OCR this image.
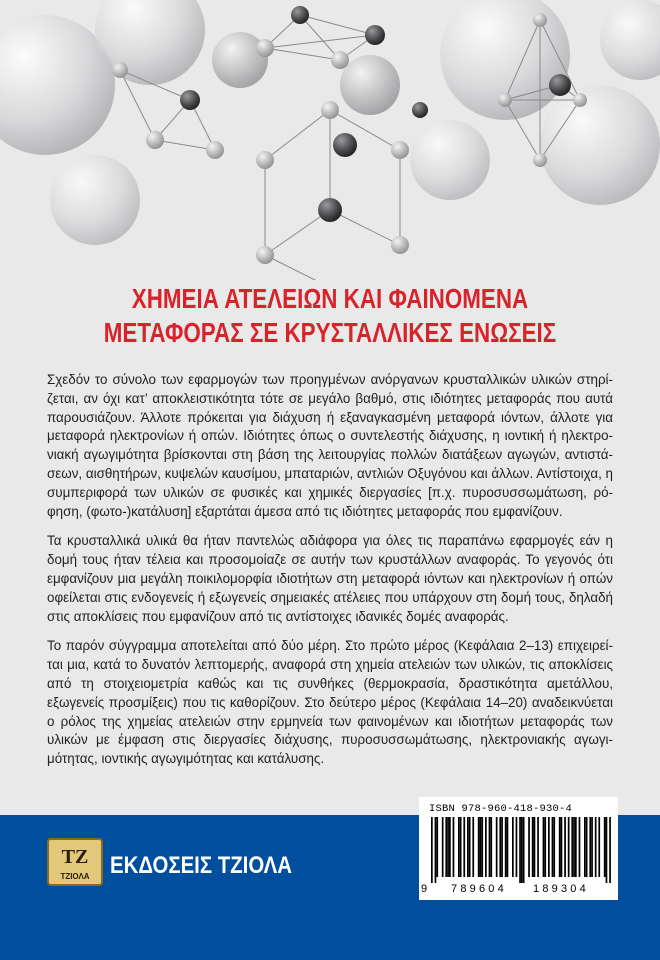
ΧΗΜΕΙΑ ΑΤΕΛΕΙΩΝ ΚΑΙ ΦΑΙΝΟΜΕΝΑ
ΜΕΤΑΦΟΡΑΣ ΣΕ ΚΡΥΣΤΑΛΛΙΚΕΣ ΕΝΩΣΕΙΣ

Σχεδόν το σύνολο των εφαρμογών των προηγμένων ανόργανων κρυσταλλικών υλικών στηρίζεται, αν όχι κατ’ αποκλειστικότητα τότε σε μεγάλο βαθμό, στις ιδιότητες μεταφοράς που αυτά παρουσιάζουν. Άλλοτε πρόκειται για διάχυση ή εξαναγκασμένη μεταφορά ιόντων, άλλοτε για μεταφορά ηλεκτρονίων ή οπών. Ιδιότητες όπως ο συντελεστής διάχυσης, η ιοντική ή ηλεκτρονιακή αγωγιμότητα βρίσκονται στη βάση της λειτουργίας πολλών διατάξεων αγωγών, αντιστάσεων, αισθητήρων, κυψελών καυσίμου, μπαταριών, αντλιών Οξυγόνου και άλλων. Αντίστοιχα, η συμπεριφορά των υλικών σε φυσικές και χημικές διεργασίες [π.χ. πυροσυσσωμάτωση, ρόφηση, (φωτο-)κατάλυση] εξαρτάται άμεσα από τις ιδιότητες μεταφοράς που εμφανίζουν.

Τα κρυσταλλικά υλικά θα ήταν παντελώς αδιάφορα για όλες τις παραπάνω εφαρμογές εάν η δομή τους ήταν τέλεια και προσομοίαζε σε αυτήν των κρυστάλλων αναφοράς. Το γεγονός ότι εμφανίζουν μια μεγάλη ποικιλομορφία ιδιοτήτων στη μεταφορά ιόντων και ηλεκτρονίων ή οπών οφείλεται στις ενδογενείς ή εξωγενείς σημειακές ατέλειες που υπάρχουν στη δομή τους, δηλαδή στις αποκλίσεις που εμφανίζουν από τις αντίστοιχες ιδανικές δομές αναφοράς.

Το παρόν σύγγραμμα αποτελείται από δύο μέρη. Στο πρώτο μέρος (Κεφάλαια 2–13) επιχειρείται μια, κατά το δυνατόν λεπτομερής, αναφορά στη χημεία ατελειών των υλικών, τις αποκλίσεις από τη στοιχειομετρία καθώς και τις συνθήκες (θερμοκρασία, δραστικότητα αμετάλλου, εξωγενείς προσμίξεις) που τις καθορίζουν. Στο δεύτερο μέρος (Κεφάλαια 14–20) αναδεικνύεται ο ρόλος της χημείας ατελειών στην ερμηνεία των φαινομένων και ιδιοτήτων μεταφοράς των υλικών με έμφαση στις διεργασίες διάχυσης, πυροσυσσωμάτωσης, ηλεκτρονιακής αγωγιμότητας, ιοντικής αγωγιμότητας και κατάλυσης.

ΤΖ
ΤΖΙΟΛΑ ΕΚΔΟΣΕΙΣ ΤΖΙΟΛΑ
ISBN 978-960-418-930-4
9 789604 189304
